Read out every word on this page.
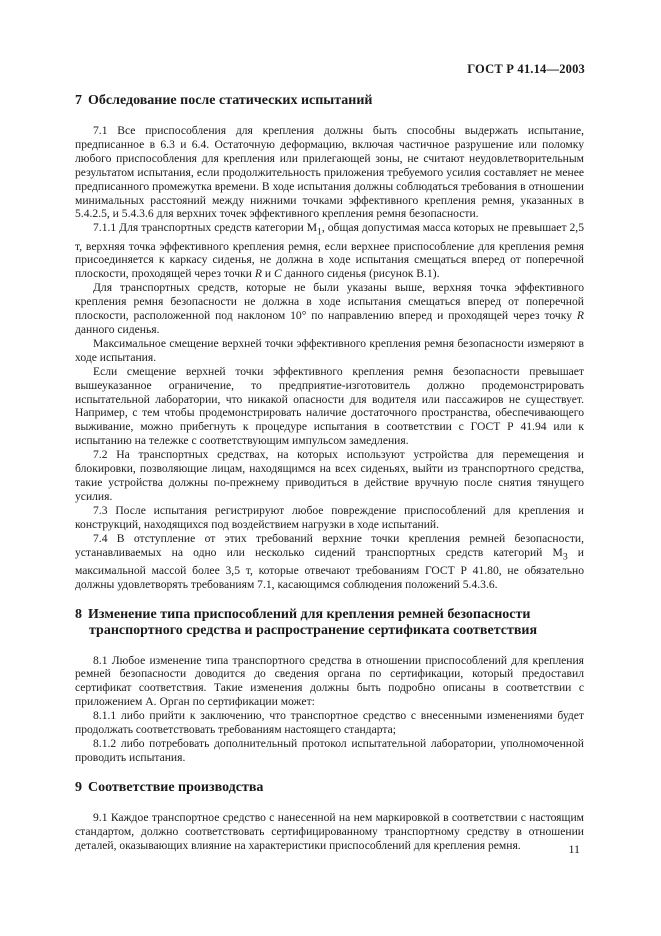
ГОСТ Р 41.14—2003
7 Обследование после статических испытаний

7.1 Все приспособления для крепления должны быть способны выдержать испытание, предписанное в 6.3 и 6.4. Остаточную деформацию, включая частичное разрушение или поломку любого приспособления для крепления или прилегающей зоны, не считают неудовлетворительным результатом испытания, если продолжительность приложения требуемого усилия составляет не менее предписанного промежутка времени. В ходе испытания должны соблюдаться требования в отношении минимальных расстояний между нижними точками эффективного крепления ремня, указанных в 5.4.2.5, и 5.4.3.6 для верхних точек эффективного крепления ремня безопасности.

7.1.1 Для транспортных средств категории $M_1$, общая допустимая масса которых не превышает 2,5 т, верхняя точка эффективного крепления ремня, если верхнее приспособление для крепления ремня присоединяется к каркасу сиденья, не должна в ходе испытания смещаться вперед от поперечной плоскости, проходящей через точки R и C данного сиденья (рисунок В.1).

Для транспортных средств, которые не были указаны выше, верхняя точка эффективного крепления ремня безопасности не должна в ходе испытания смещаться вперед от поперечной плоскости, расположенной под наклоном 10° по направлению вперед и проходящей через точку R данного сиденья.

Максимальное смещение верхней точки эффективного крепления ремня безопасности измеряют в ходе испытания.

Если смещение верхней точки эффективного крепления ремня безопасности превышает вышеуказанное ограничение, то предприятие-изготовитель должно продемонстрировать испытательной лаборатории, что никакой опасности для водителя или пассажиров не существует. Например, с тем чтобы продемонстрировать наличие достаточного пространства, обеспечивающего выживание, можно прибегнуть к процедуре испытания в соответствии с ГОСТ Р 41.94 или к испытанию на тележке с соответствующим импульсом замедления.

7.2 На транспортных средствах, на которых используют устройства для перемещения и блокировки, позволяющие лицам, находящимся на всех сиденьях, выйти из транспортного средства, такие устройства должны по-прежнему приводиться в действие вручную после снятия тянущего усилия.

7.3 После испытания регистрируют любое повреждение приспособлений для крепления и конструкций, находящихся под воздействием нагрузки в ходе испытаний.

7.4 В отступление от этих требований верхние точки крепления ремней безопасности, устанавливаемых на одно или несколько сидений транспортных средств категорий $M_3$ и максимальной массой более 3,5 т, которые отвечают требованиям ГОСТ Р 41.80, не обязательно должны удовлетворять требованиям 7.1, касающимся соблюдения положений 5.4.3.6.

8 Изменение типа приспособлений для крепления ремней безопасности
транспортного средства и распространение сертификата соответствия

8.1 Любое изменение типа транспортного средства в отношении приспособлений для крепления ремней безопасности доводится до сведения органа по сертификации, который предоставил сертификат соответствия. Такие изменения должны быть подробно описаны в соответствии с приложением А. Орган по сертификации может:

8.1.1 либо прийти к заключению, что транспортное средство с внесенными изменениями будет продолжать соответствовать требованиям настоящего стандарта;

8.1.2 либо потребовать дополнительный протокол испытательной лаборатории, уполномоченной проводить испытания.

9 Соответствие производства

9.1 Каждое транспортное средство с нанесенной на нем маркировкой в соответствии с настоящим стандартом, должно соответствовать сертифицированному транспортному средству в отношении деталей, оказывающих влияние на характеристики приспособлений для крепления ремня.	11
